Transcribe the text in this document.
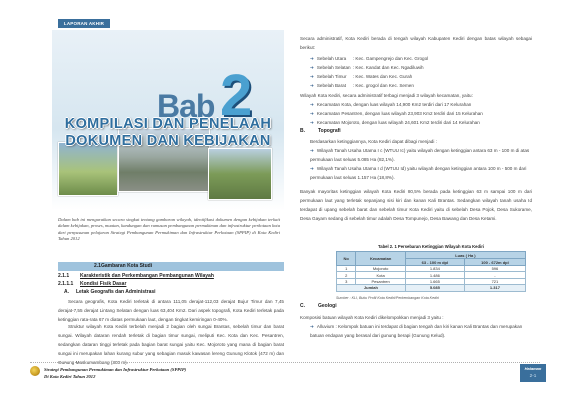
LAPORAN AKHIR
Bab 2
KOMPILASI DAN PENELAAH
DOKUMEN DAN KEBIJAKAN
Dalam bab ini menguraikan secara singkat tentang gambaran wilayah, identifikasi dokumen dengan kebijakan terkait dalam kebijakan, proses, muatan, kandungan dan rumusan pembangunan permukiman dan infrastruktur perkotaan kota dari penyusunan pelajaran Strategi Pembangunan Permukiman dan Infrastruktur Perkotaan (SPPIP) di Kota Kediri Tahun 2012
2.1Gambaran Kota Studi
2.1.1 Karakteristik dan Perkembangan Pembangunan Wilayah
2.1.1.1 Kondisi Fisik Dasar
A. Letak Geografis dan Administrasi
Secara geografis, Kota Kediri terletak di antara 111,05 derajat-112,03 derajat Bujur Timur dan 7,45 derajat-7,55 derajat Lintang Selatan dengan luas 63,404 Km2. Dari aspek topografi, Kota Kediri terletak pada ketinggian rata-rata 67 m diatas permukaan laut, dengan tingkat kemiringan 0-40%.
Struktur wilayah Kota Kediri terbelah menjadi 2 bagian oleh sungai Brantas, sebelah timur dan barat sungai. Wilayah dataran rendah terletak di bagian timur sungai, meliputi Kec. Kota dan Kec. Pesantren, sedangkan dataran tinggi terletak pada bagian barat sungai yaitu Kec. Mojoroto yang mana di bagian barat sungai ini merupakan lahan kurang subur yang sebagian masuk kawasan lereng Gunung Klotok (472 m) dan Gunung Maskumambang (300 m).
Secara administratif, Kota Kediri berada di tengah wilayah Kabupaten Kediri dengan batas wilayah sebagai berikut:
➔ Sebelah Utara : Kec. Gampengrejo dan Kec. Grogol
➔ Sebelah Selatan : Kec. Kandat dan Kec. Ngadiluwih
➔ Sebelah Timur : Kec. Wates dan Kec. Gurah
➔ Sebelah Barat : Kec. grogol dan Kec. Semen
Wilayah Kota Kediri, secara administratif terbagi menjadi 3 wilayah kecamatan, yaitu:
➔ Kecamatan Kota, dengan luas wilayah 14,900 Km2 terdiri dari 17 Kelurahan
➔ Kecamatan Pesantren, dengan luas wilayah 23,903 Km2 terdiri dari 15 Kelurahan
➔ Kecamatan Mojoroto, dengan luas wilayah 24,601 Km2 terdiri dari 14 Kelurahan
B.	Topografi
Berdasarkan ketinggiannya, Kota Kediri dapat dibagi menjadi :
➔ Wilayah Tanah Usaha Utama I c (WTUU Ic) yaitu wilayah dengan ketinggian antara 63 m - 100 m di atas permukaan laut seluas 5.085 Ha (82,1%).
➔ Wilayah Tanah Usaha Utama I d (WTUU Id) yaitu wilayah dengan ketinggian antara 100 m - 500 m dari permukaan laut seluas 1.157 Ha (18,8%).
Banyak mayoritas ketinggian wilayah Kota Kediri 80,5% berada pada ketinggian 63 m sampai 100 m dari permukaan laut yang terletak sepanjang sisi kiri dan kanan Kali Brantas. Sedangkan wilayah tanah usaha Id terdapat di upang sebelah barat dan sebelah timur Kota Kediri yaitu di sebelah Desa Pojok, Desa Sukorame, Desa Gayam sedang di sebelah timur adalah Desa Tompunejo, Desa Bawang dan Desa Ketami.
Tabel 2. 1 Persebaran Ketinggian Wilayah Kota Kediri
No	Kecamatan	Luas ( Ha )	
		63 - 100 m dpl	100 - 672m dpl
1	Mojoroto	1.834	596
2	Kota	1.486	-
3	Pesantren	1.665	721
Jumlah		5.085	1.317
Sumber : KLI, Buku Profil Kota Kediri/Perkembangan Kota Kediri
C.	Geologi
Komposisi batuan wilayah Kota Kediri dikelompokkan menjadi 3 yaitu :
➔ Alluvium : Kelompok batuan ini terdapat di bagian tengah dan kiri kanan Kali Brantas dan merupakan batuan endapan yang berasal dari gunung berapi (Gunung Kelud).
Strategi Pembangunan Permukiman dan Infrastruktur Perkotaan (SPPIP)
Di Kota Kediri Tahun 2012
Halaman
2-1
